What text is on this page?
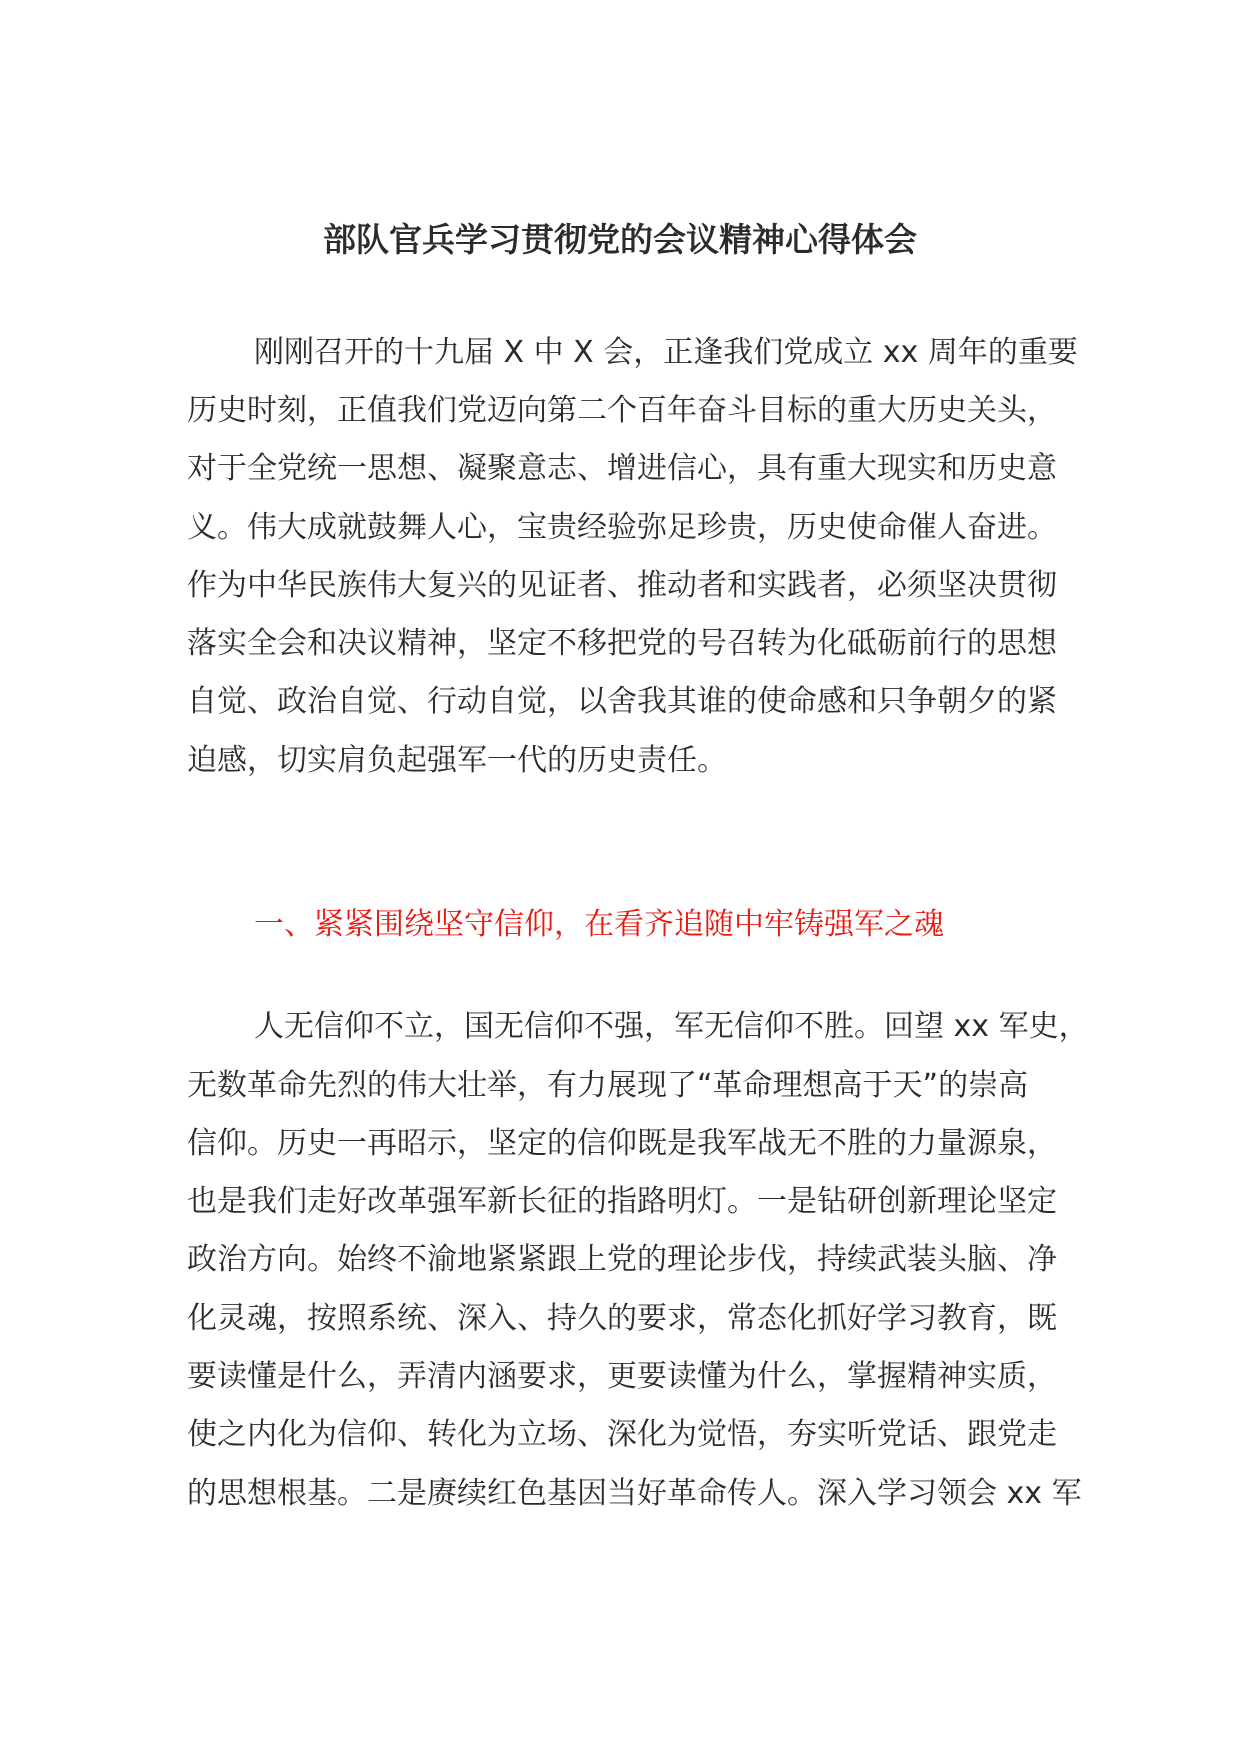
部队官兵学习贯彻党的会议精神心得体会
刚刚召开的十九届 X 中 X 会，正逢我们党成立 xx 周年的重要
历史时刻，正值我们党迈向第二个百年奋斗目标的重大历史关头，
对于全党统一思想、凝聚意志、增进信心，具有重大现实和历史意
义。伟大成就鼓舞人心，宝贵经验弥足珍贵，历史使命催人奋进。
作为中华民族伟大复兴的见证者、推动者和实践者，必须坚决贯彻
落实全会和决议精神，坚定不移把党的号召转为化砥砺前行的思想
自觉、政治自觉、行动自觉，以舍我其谁的使命感和只争朝夕的紧
迫感，切实肩负起强军一代的历史责任。
一、紧紧围绕坚守信仰，在看齐追随中牢铸强军之魂
人无信仰不立，国无信仰不强，军无信仰不胜。回望 xx 军史，
无数革命先烈的伟大壮举，有力展现了“革命理想高于天”的崇高
信仰。历史一再昭示，坚定的信仰既是我军战无不胜的力量源泉，
也是我们走好改革强军新长征的指路明灯。一是钻研创新理论坚定
政治方向。始终不渝地紧紧跟上党的理论步伐，持续武装头脑、净
化灵魂，按照系统、深入、持久的要求，常态化抓好学习教育，既
要读懂是什么，弄清内涵要求，更要读懂为什么，掌握精神实质，
使之内化为信仰、转化为立场、深化为觉悟，夯实听党话、跟党走
的思想根基。二是赓续红色基因当好革命传人。深入学习领会 xx 军
